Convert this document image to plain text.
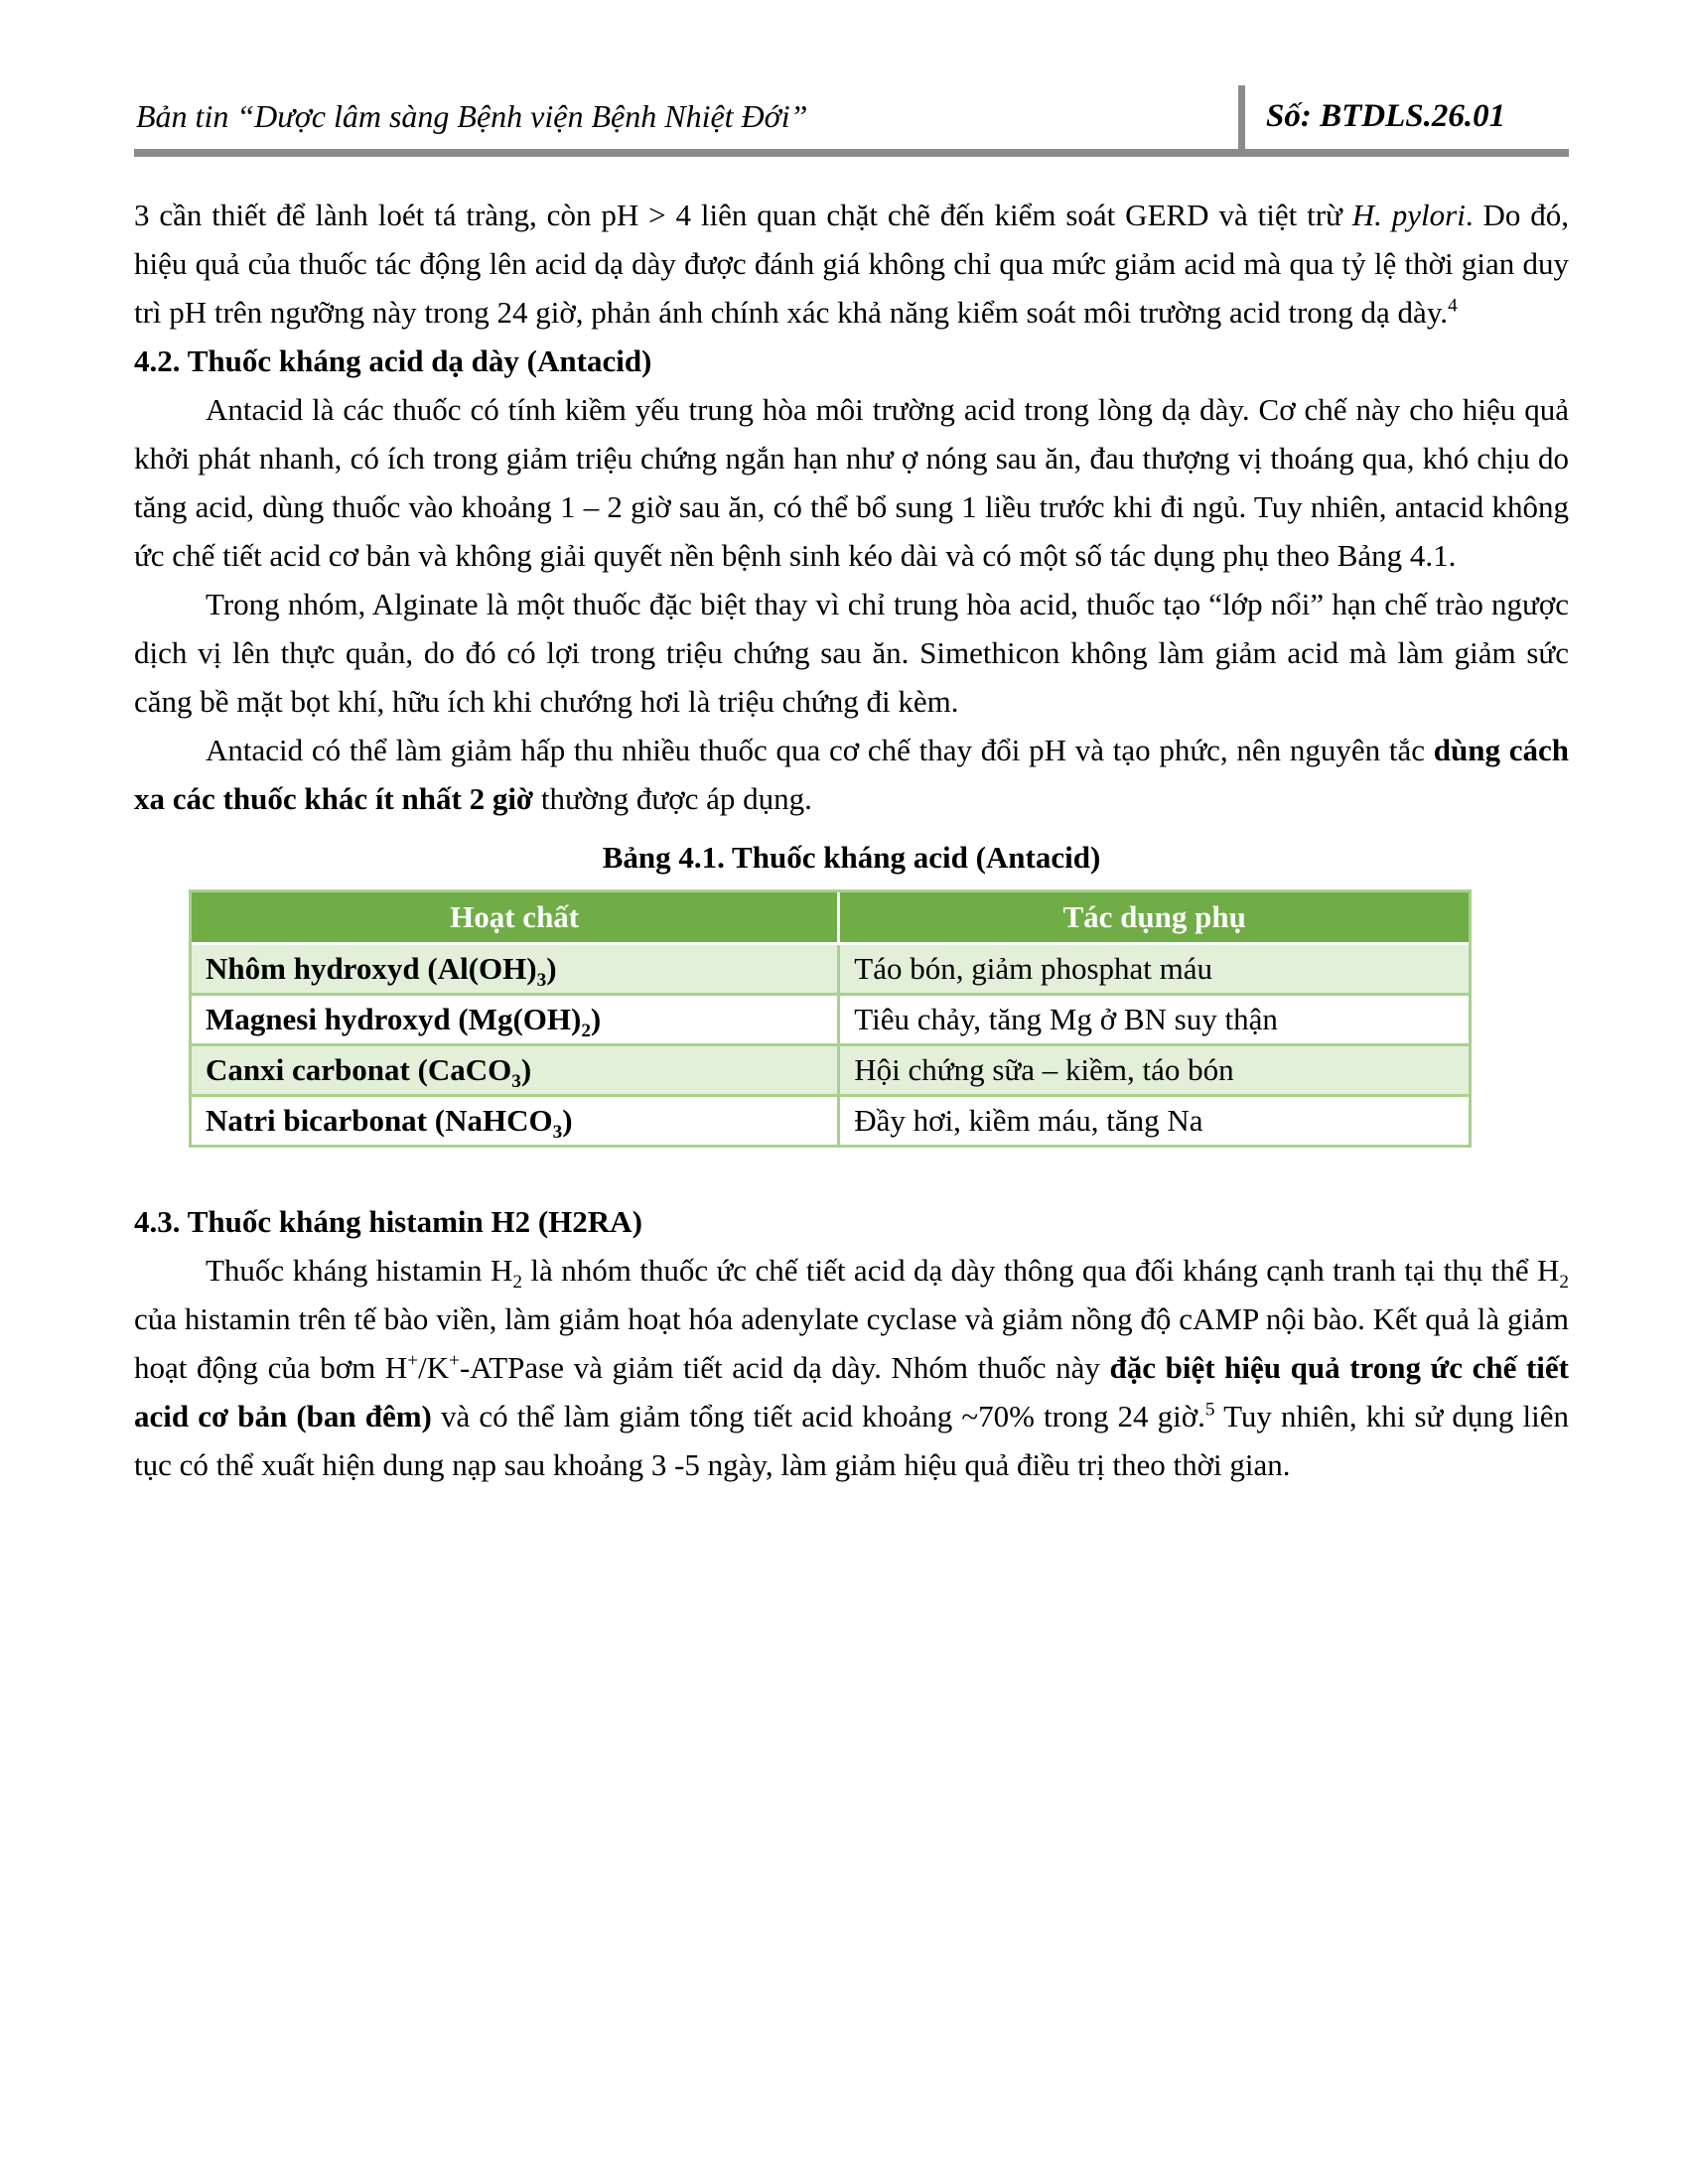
Bản tin “Dược lâm sàng Bệnh viện Bệnh Nhiệt Đới”	Số: BTDLS.26.01

3 cần thiết để lành loét tá tràng, còn pH > 4 liên quan chặt chẽ đến kiểm soát GERD và tiệt trừ H. pylori. Do đó, hiệu quả của thuốc tác động lên acid dạ dày được đánh giá không chỉ qua mức giảm acid mà qua tỷ lệ thời gian duy trì pH trên ngưỡng này trong 24 giờ, phản ánh chính xác khả năng kiểm soát môi trường acid trong dạ dày.$^4$

4.2. Thuốc kháng acid dạ dày (Antacid)

Antacid là các thuốc có tính kiềm yếu trung hòa môi trường acid trong lòng dạ dày. Cơ chế này cho hiệu quả khởi phát nhanh, có ích trong giảm triệu chứng ngắn hạn như ợ nóng sau ăn, đau thượng vị thoáng qua, khó chịu do tăng acid, dùng thuốc vào khoảng 1 – 2 giờ sau ăn, có thể bổ sung 1 liều trước khi đi ngủ. Tuy nhiên, antacid không ức chế tiết acid cơ bản và không giải quyết nền bệnh sinh kéo dài và có một số tác dụng phụ theo Bảng 4.1.

Trong nhóm, Alginate là một thuốc đặc biệt thay vì chỉ trung hòa acid, thuốc tạo “lớp nổi” hạn chế trào ngược dịch vị lên thực quản, do đó có lợi trong triệu chứng sau ăn. Simethicon không làm giảm acid mà làm giảm sức căng bề mặt bọt khí, hữu ích khi chướng hơi là triệu chứng đi kèm.

Antacid có thể làm giảm hấp thu nhiều thuốc qua cơ chế thay đổi pH và tạo phức, nên nguyên tắc dùng cách xa các thuốc khác ít nhất 2 giờ thường được áp dụng.

Bảng 4.1. Thuốc kháng acid (Antacid)

Hoạt chất	Tác dụng phụ
Nhôm hydroxyd $(Al(OH)_3)$	Táo bón, giảm phosphat máu
Magnesi hydroxyd $(Mg(OH)_2)$	Tiêu chảy, tăng Mg ở BN suy thận
Canxi carbonat (CaCO$_3$)	Hội chứng sữa – kiềm, táo bón
Natri bicarbonat (NaHCO$_3$)	Đầy hơi, kiềm máu, tăng Na

4.3. Thuốc kháng histamin H2 (H2RA)

Thuốc kháng histamin $H_2$ là nhóm thuốc ức chế tiết acid dạ dày thông qua đối kháng cạnh tranh tại thụ thể $H_2$ của histamin trên tế bào viền, làm giảm hoạt hóa adenylate cyclase và giảm nồng độ cAMP nội bào. Kết quả là giảm hoạt động của bơm H+/K+-ATPase và giảm tiết acid dạ dày. Nhóm thuốc này đặc biệt hiệu quả trong ức chế tiết acid cơ bản (ban đêm) và có thể làm giảm tổng tiết acid khoảng ~70% trong 24 giờ.$^5$ Tuy nhiên, khi sử dụng liên tục có thể xuất hiện dung nạp sau khoảng 3 -5 ngày, làm giảm hiệu quả điều trị theo thời gian.
